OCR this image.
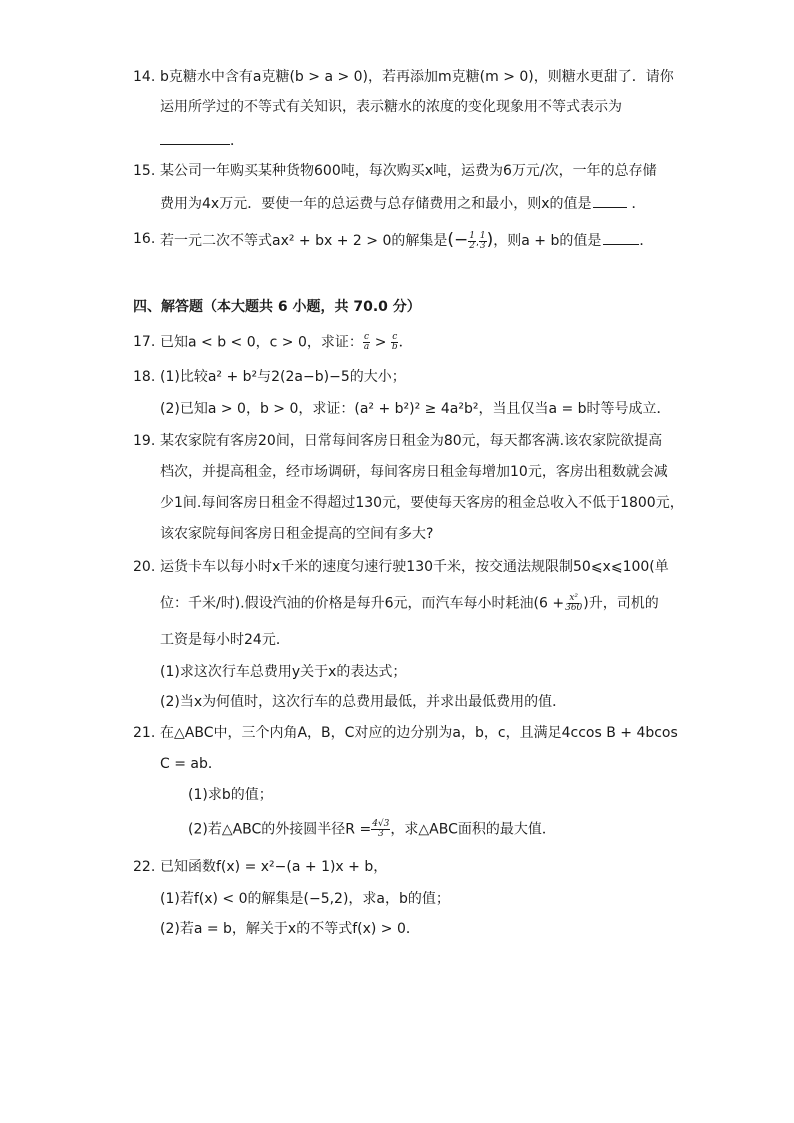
14. b克糖水中含有a克糖(b > a > 0)，若再添加m克糖(m > 0)，则糖水更甜了．请你
运用所学过的不等式有关知识，表示糖水的浓度的变化现象用不等式表示为
．
15. 某公司一年购买某种货物600吨，每次购买x吨，运费为6万元/次，一年的总存储
费用为4x万元．要使一年的总运费与总存储费用之和最小，则x的值是	．
16. 若一元二次不等式ax² + bx + 2 > 0的解集是(− $\frac{1}{2}$ , $\frac{1}{3}$ )，则a + b的值是	．
四、解答题（本大题共 6 小题，共 70.0 分）
17. 已知a < b < 0，c > 0，求证： $\frac{c}{a} > \frac{c}{b}$ ．
18. (1)比较a² + b²与2(2a−b)−5的大小；
(2)已知a > 0，b > 0，求证：(a² + b²)² ≥ 4a²b²，当且仅当a = b时等号成立．
19. 某农家院有客房20间，日常每间客房日租金为80元，每天都客满.该农家院欲提高
档次，并提高租金，经市场调研，每间客房日租金每增加10元，客房出租数就会减
少1间.每间客房日租金不得超过130元，要使每天客房的租金总收入不低于1800元，
该农家院每间客房日租金提高的空间有多大?
20. 运货卡车以每小时x千米的速度匀速行驶130千米，按交通法规限制50⩽x⩽100(单
位：千米/时).假设汽油的价格是每升6元，而汽车每小时耗油($6 + \frac{\text{x²}}{360}$ )升，司机的
工资是每小时24元．
(1)求这次行车总费用y关于x的表达式；
(2)当x为何值时，这次行车的总费用最低，并求出最低费用的值．
21. 在△ABC中，三个内角A，B，C对应的边分别为a，b，c，且满足4ccos B + 4bcos
C = ab．
(1)求b的值；
(2)若△ABC的外接圆半径$R = \frac{4√3}{3}$ ，求△ABC面积的最大值．
22. 已知函数f(x) = x²−(a + 1)x + b，
(1)若f(x) < 0的解集是(−5,2)，求a，b的值；
(2)若a = b，解关于x的不等式f(x) > 0．
